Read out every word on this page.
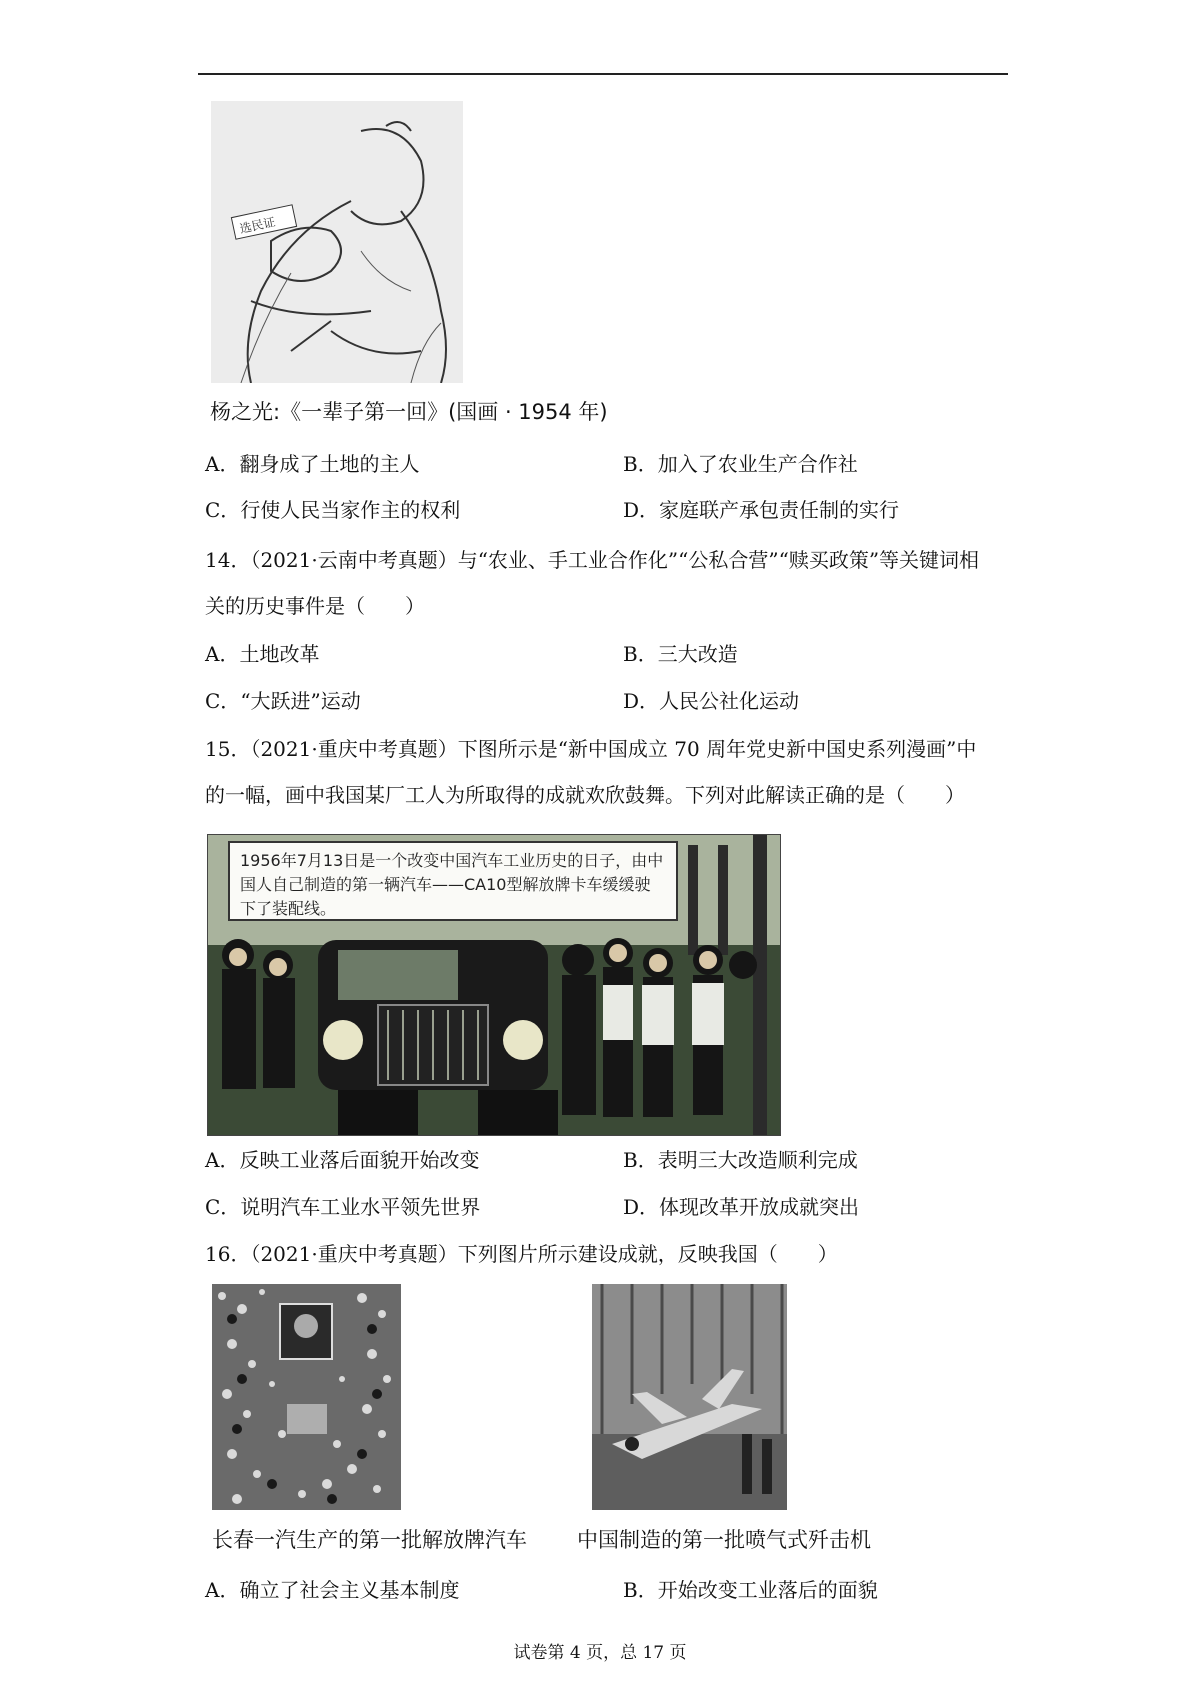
选民证
杨之光:《一辈子第一回》(国画 · 1954 年)
A．翻身成了土地的主人	B．加入了农业生产合作社
C．行使人民当家作主的权利	D．家庭联产承包责任制的实行
14．（2021·云南中考真题）与“农业、手工业合作化”“公私合营”“赎买政策”等关键词相
关的历史事件是（　　）
A．土地改革	B．三大改造
C．“大跃进”运动	D．人民公社化运动
15．（2021·重庆中考真题）下图所示是“新中国成立 70 周年党史新中国史系列漫画”中
的一幅，画中我国某厂工人为所取得的成就欢欣鼓舞。下列对此解读正确的是（　　）
1956年7月13日是一个改变中国汽车工业历史的日子，由中国人自己制造的第一辆汽车——CA10型解放牌卡车缓缓驶下了装配线。
A．反映工业落后面貌开始改变	B．表明三大改造顺利完成
C．说明汽车工业水平领先世界	D．体现改革开放成就突出
16．（2021·重庆中考真题）下列图片所示建设成就，反映我国（　　）
长春一汽生产的第一批解放牌汽车 中国制造的第一批喷气式歼击机
A．确立了社会主义基本制度	B．开始改变工业落后的面貌
试卷第 4 页，总 17 页
